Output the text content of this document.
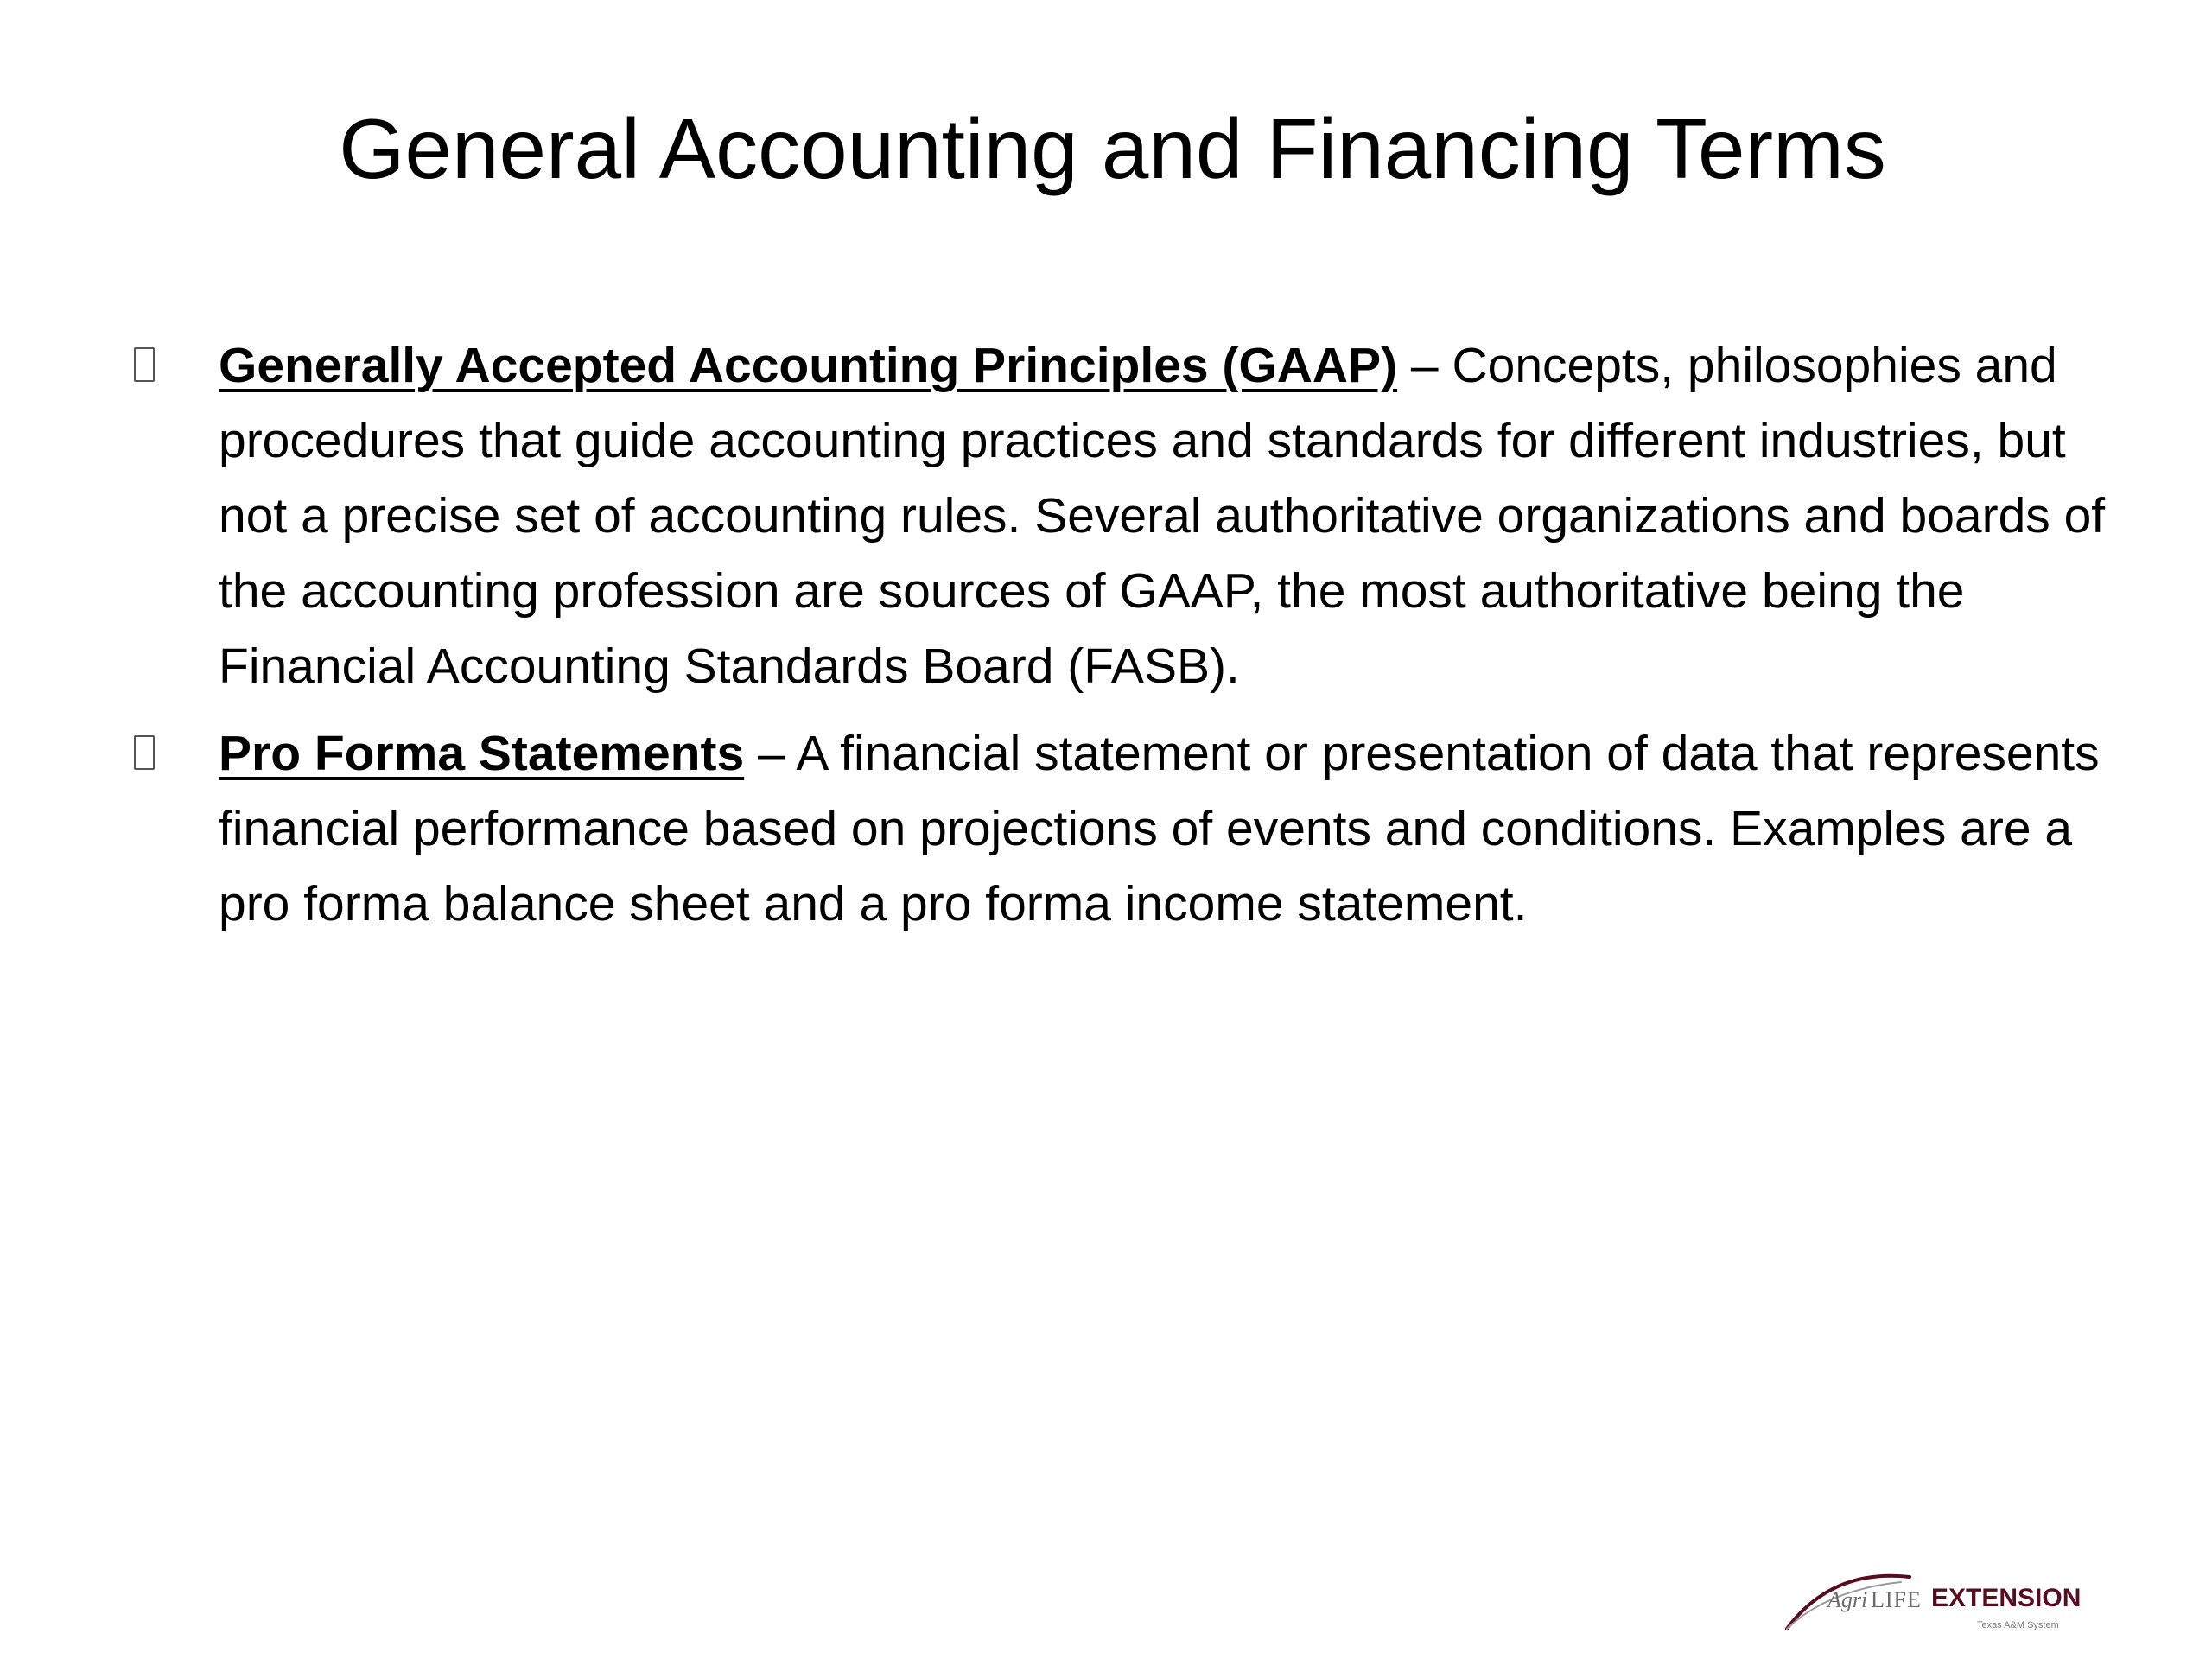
General Accounting and Financing Terms
Generally Accepted Accounting Principles (GAAP) – Concepts, philosophies and procedures that guide accounting practices and standards for different industries, but not a precise set of accounting rules. Several authoritative organizations and boards of the accounting profession are sources of GAAP, the most authoritative being the Financial Accounting Standards Board (FASB).
Pro Forma Statements – A financial statement or presentation of data that represents financial performance based on projections of events and conditions. Examples are a pro forma balance sheet and a pro forma income statement.
Agri LIFE EXTENSION
Texas A&M System
